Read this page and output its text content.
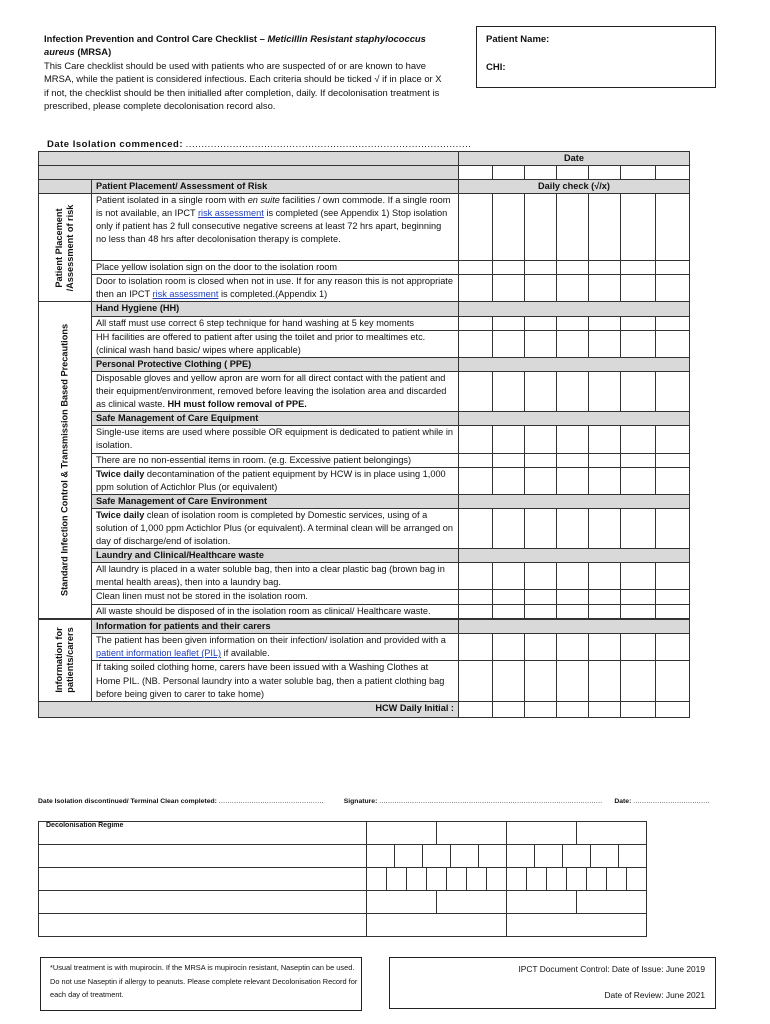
Infection Prevention and Control Care Checklist – Meticillin Resistant staphylococcus aureus (MRSA)
This Care checklist should be used with patients who are suspected of or are known to have MRSA, while the patient is considered infectious. Each criteria should be ticked √ if in place or X if not, the checklist should be then initialled after completion, daily. If decolonisation treatment is prescribed, please complete decolonisation record also.
Patient Name:
CHI:
Date Isolation commenced: ...........................................................................................
		Date						

	Patient Placement/ Assessment of Risk	Daily check (√/x)						

Patient Placement /Assessment of risk	Patient isolated in a single room with en suite facilities / own commode. If a single room is not available, an IPCT risk assessment is completed (see Appendix 1) Stop isolation only if patient has 2 full consecutive negative screens at least 72 hrs apart, beginning no less than 48 hrs after decolonisation therapy is complete.							
	Place yellow isolation sign on the door to the isolation room							
	Door to isolation room is closed when not in use. If for any reason this is not appropriate then an IPCT risk assessment is completed.(Appendix 1)							

Standard Infection Control & Transmission Based Precautions	Hand Hygiene (HH)							
	All staff must use correct 6 step technique for hand washing at 5 key moments							
	HH facilities are offered to patient after using the toilet and prior to mealtimes etc. (clinical wash hand basic/ wipes where applicable)							
	Personal Protective Clothing ( PPE)							
	Disposable gloves and yellow apron are worn for all direct contact with the patient and their equipment/environment, removed before leaving the isolation area and discarded as clinical waste. HH must follow removal of PPE.							
	Safe Management of Care Equipment							
	Single-use items are used where possible OR equipment is dedicated to patient while in isolation.							
	There are no non-essential items in room. (e.g. Excessive patient belongings)							
	Twice daily decontamination of the patient equipment by HCW is in place using 1,000 ppm solution of Actichlor Plus (or equivalent)							
	Safe Management of Care Environment							
	Twice daily clean of isolation room is completed by Domestic services, using of a solution of 1,000 ppm Actichlor Plus (or equivalent). A terminal clean will be arranged on day of discharge/end of isolation.							
	Laundry and Clinical/Healthcare waste							
	All laundry is placed in a water soluble bag, then into a clear plastic bag (brown bag in mental health areas), then into a laundry bag.							
	Clean linen must not be stored in the isolation room.							
	All waste should be disposed of in the isolation room as clinical/ Healthcare waste.							

Information for patients/carers	Information for patients and their carers							
	The patient has been given information on their infection/ isolation and provided with a patient information leaflet (PIL) if available.							
	If taking soiled clothing home, carers have been issued with a Washing Clothes at Home PIL. (NB. Personal laundry into a water soluble bag, then a patient clothing bag before being given to carer to take home)							
HCW Daily Initial :								
Date Isolation discontinued/ Terminal Clean completed: ................................................	Signature: ...................................................................................................... Date: ...................................
Decolonisation Regime				

*Usual treatment is with mupirocin. If the MRSA is mupirocin resistant, Naseptin can be used. Do not use Naseptin if allergy to peanuts. Please complete relevant Decolonisation Record for each day of treatment.
IPCT Document Control: Date of Issue: June 2019
Date of Review: June 2021
